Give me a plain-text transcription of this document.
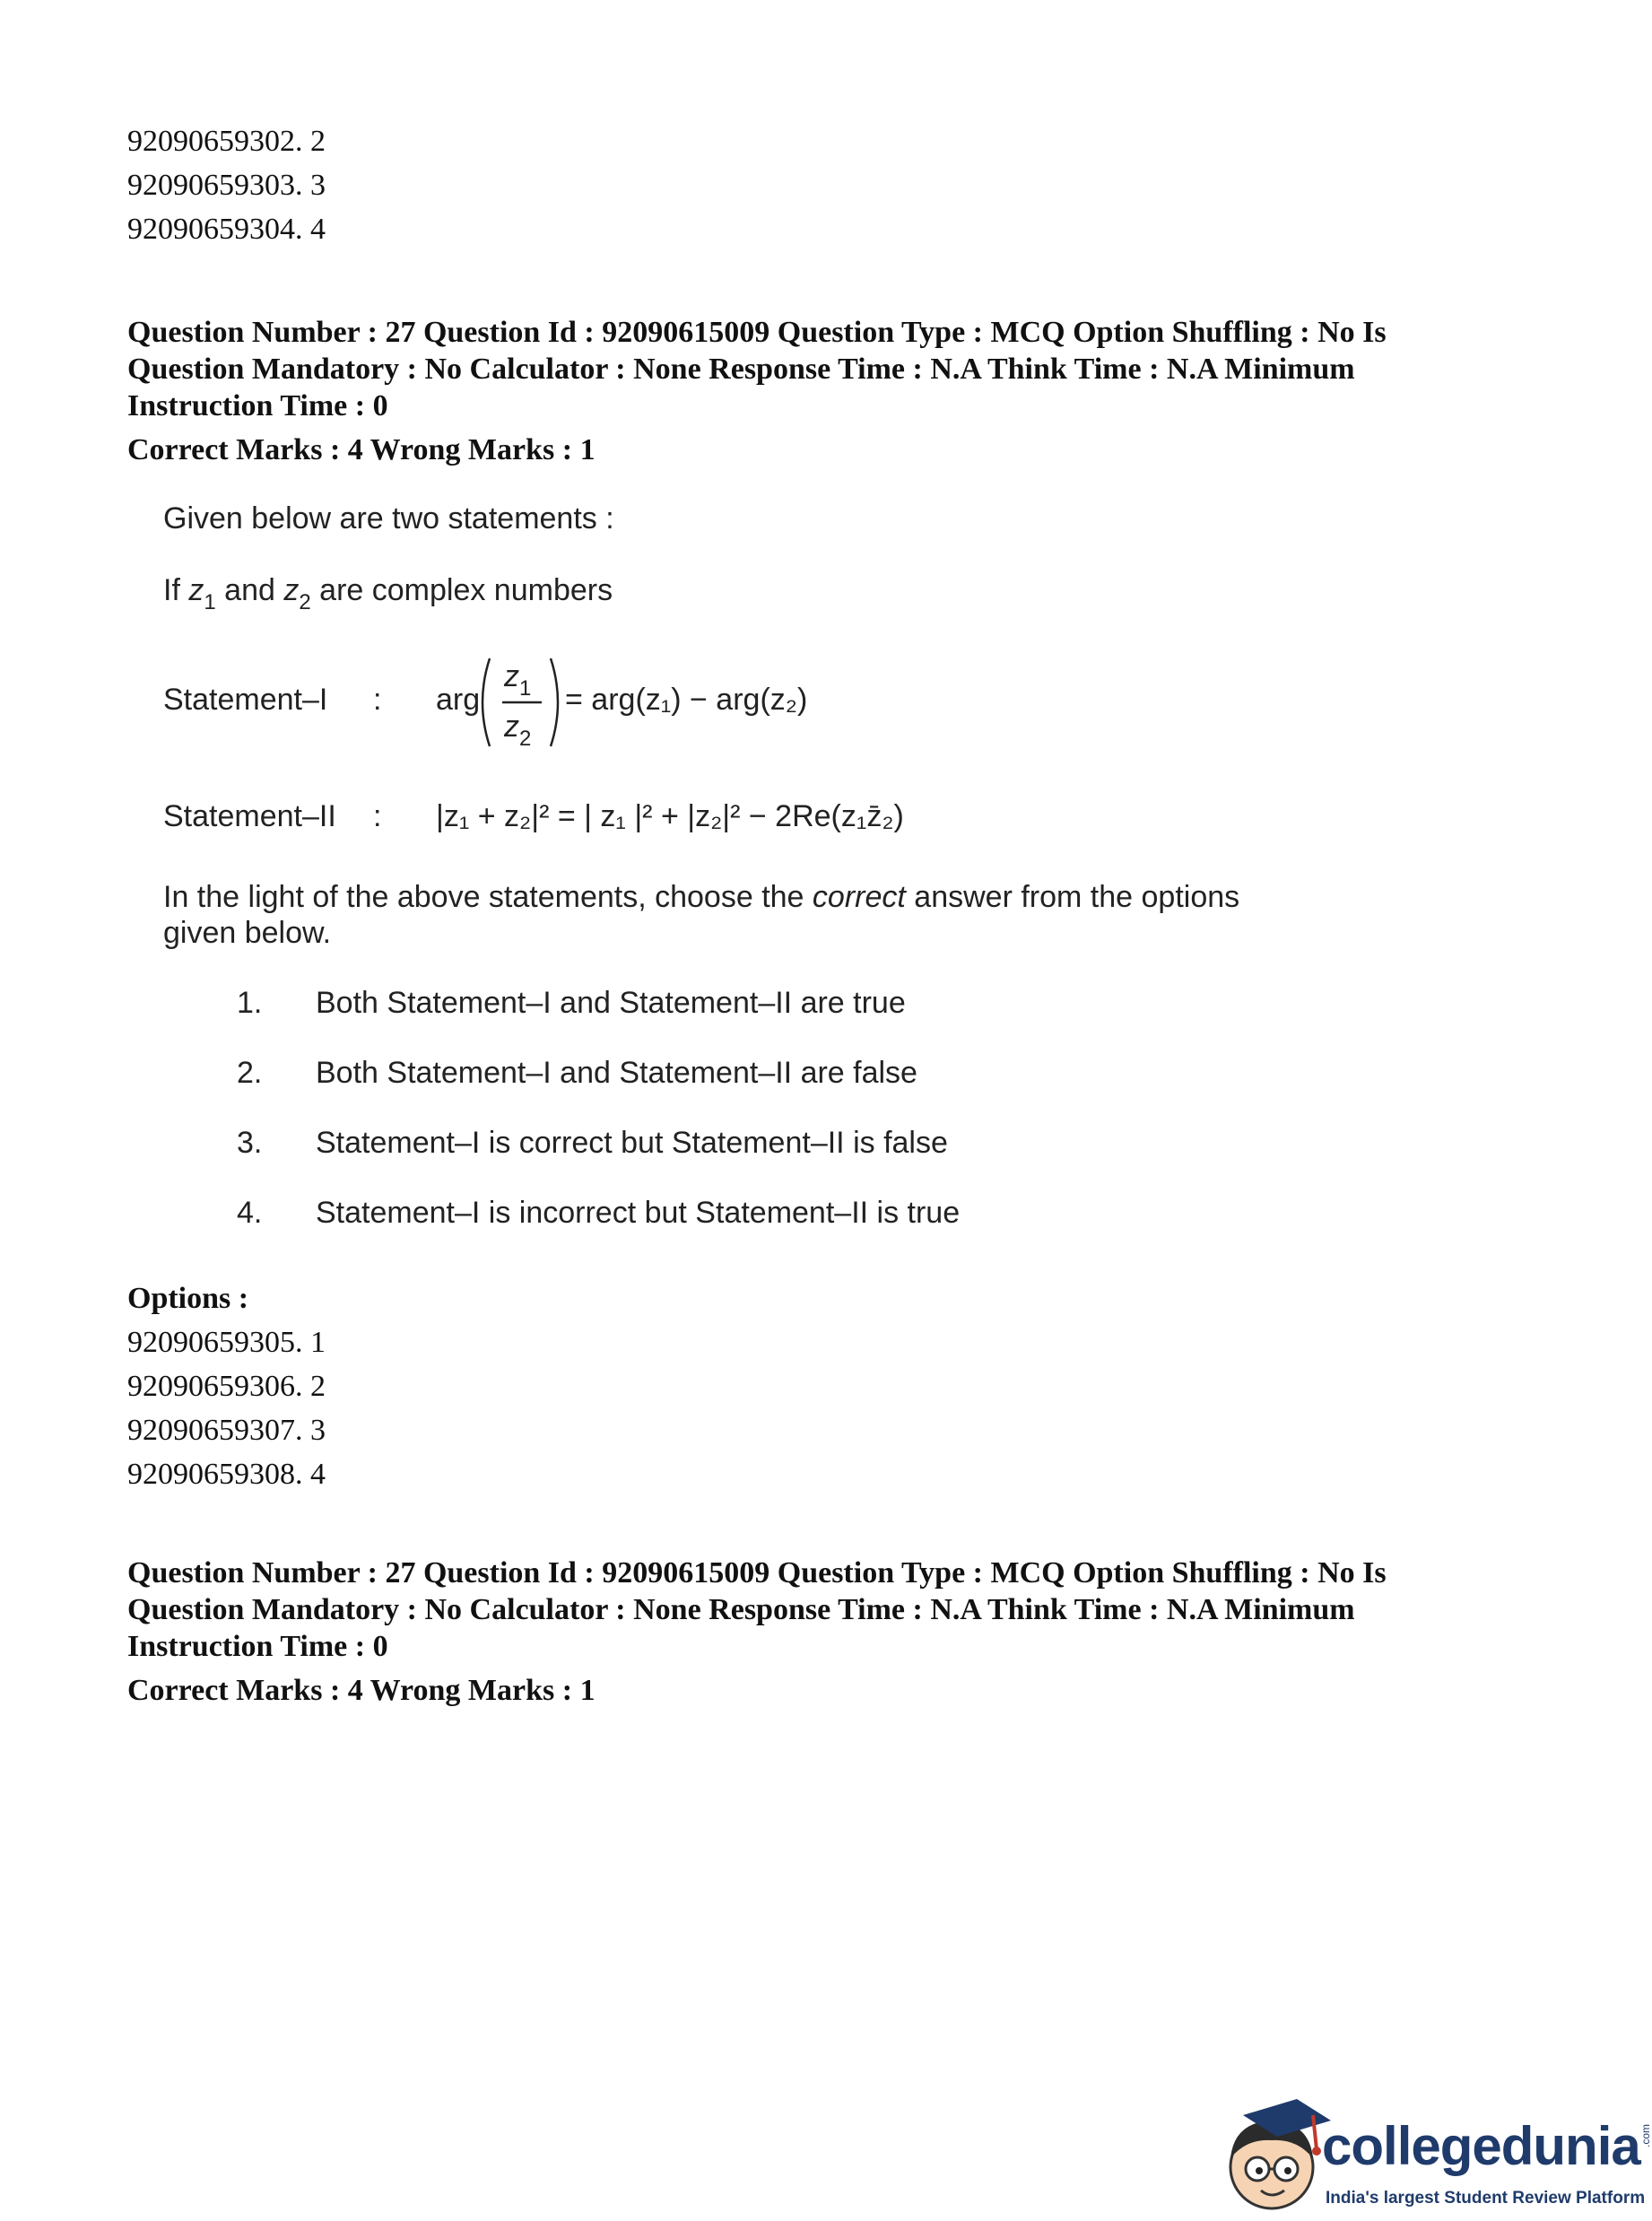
92090659302. 2
92090659303. 3
92090659304. 4
Question Number : 27 Question Id : 92090615009 Question Type : MCQ Option Shuffling : No Is
Question Mandatory : No Calculator : None Response Time : N.A Think Time : N.A Minimum
Instruction Time : 0
Correct Marks : 4 Wrong Marks : 1
Given below are two statements :
If $z_1$ and $z_2$ are complex numbers
Statement–I : arg
$z_1$
$z_2$
= arg(z₁) − arg(z₂)
Statement–II : |z₁ + z₂|² = | z₁ |² + |z₂|² − 2Re(z₁z̄₂)
In the light of the above statements, choose the correct answer from the options
given below.
1. Both Statement–I and Statement–II are true
2. Both Statement–I and Statement–II are false
3. Statement–I is correct but Statement–II is false
4. Statement–I is incorrect but Statement–II is true
Options :
92090659305. 1
92090659306. 2
92090659307. 3
92090659308. 4
Question Number : 27 Question Id : 92090615009 Question Type : MCQ Option Shuffling : No Is
Question Mandatory : No Calculator : None Response Time : N.A Think Time : N.A Minimum
Instruction Time : 0
Correct Marks : 4 Wrong Marks : 1
collegedunia .com
India's largest Student Review Platform
